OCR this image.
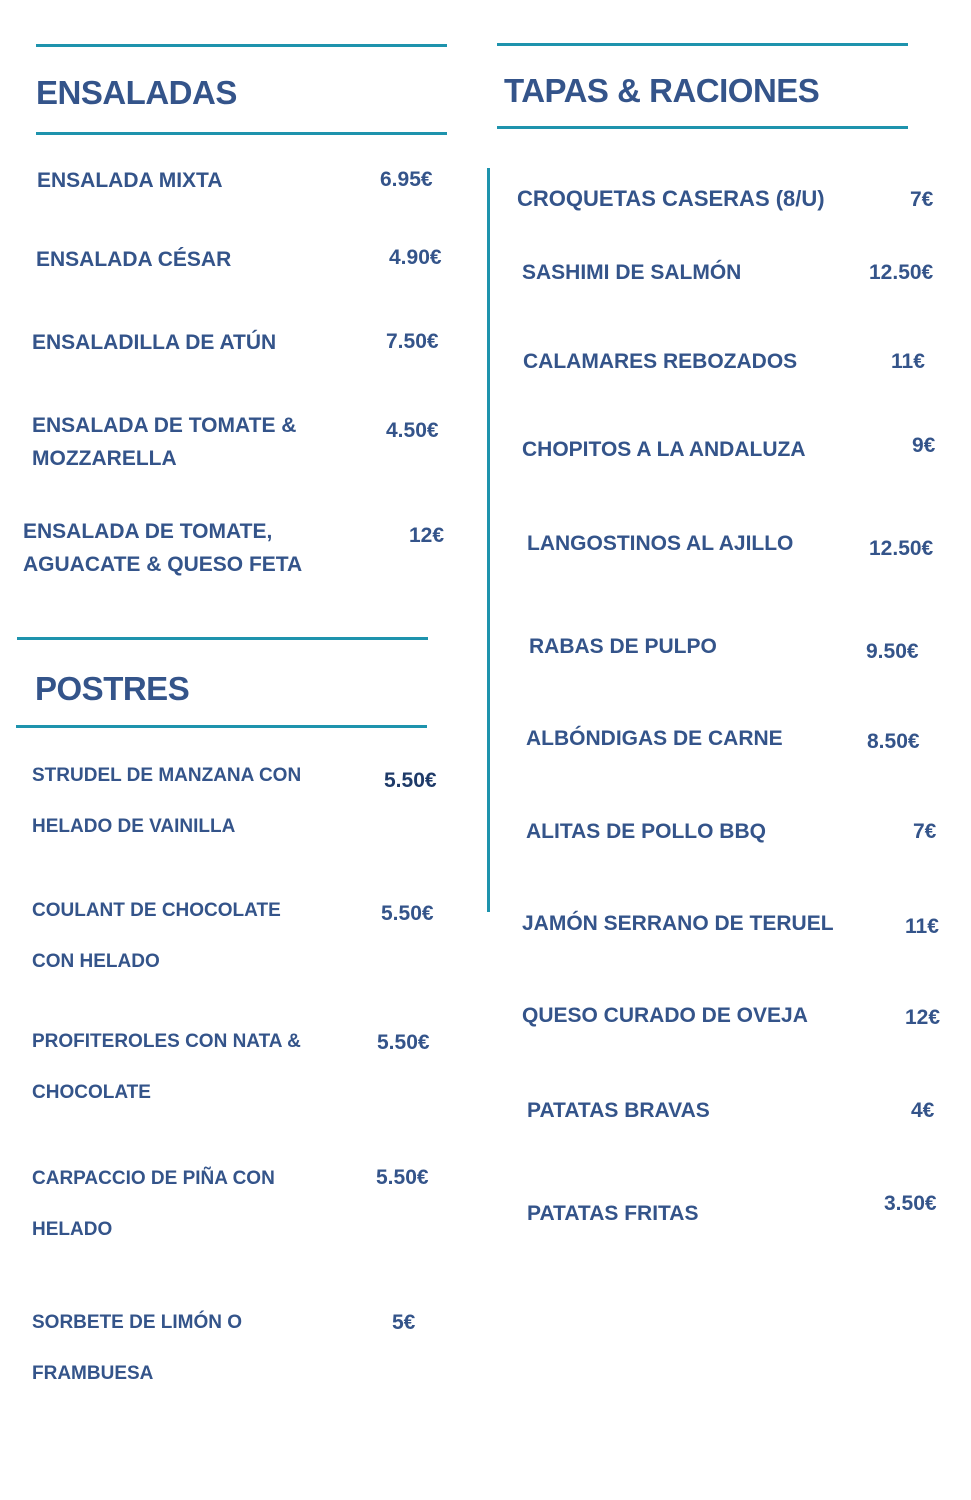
ENSALADAS
ENSALADA MIXTA	6.95€
ENSALADA CÉSAR	4.90€
ENSALADILLA DE ATÚN	7.50€
ENSALADA DE TOMATE &
MOZZARELLA
4.50€
ENSALADA DE TOMATE,
AGUACATE & QUESO FETA
12€
POSTRES
STRUDEL DE MANZANA CON
HELADO DE VAINILLA
5.50€
COULANT DE CHOCOLATE
CON HELADO
5.50€
PROFITEROLES CON NATA &
CHOCOLATE
5.50€
CARPACCIO DE PIÑA CON
HELADO
5.50€
SORBETE DE LIMÓN O
FRAMBUESA
5€
TAPAS & RACIONES
CROQUETAS CASERAS (8/U)	7€
SASHIMI DE SALMÓN	12.50€
CALAMARES REBOZADOS	11€
CHOPITOS A LA ANDALUZA	9€
LANGOSTINOS AL AJILLO	12.50€
RABAS DE PULPO	9.50€
ALBÓNDIGAS DE CARNE	8.50€
ALITAS DE POLLO BBQ	7€
JAMÓN SERRANO DE TERUEL	11€
QUESO CURADO DE OVEJA	12€
PATATAS BRAVAS	4€
PATATAS FRITAS	3.50€
